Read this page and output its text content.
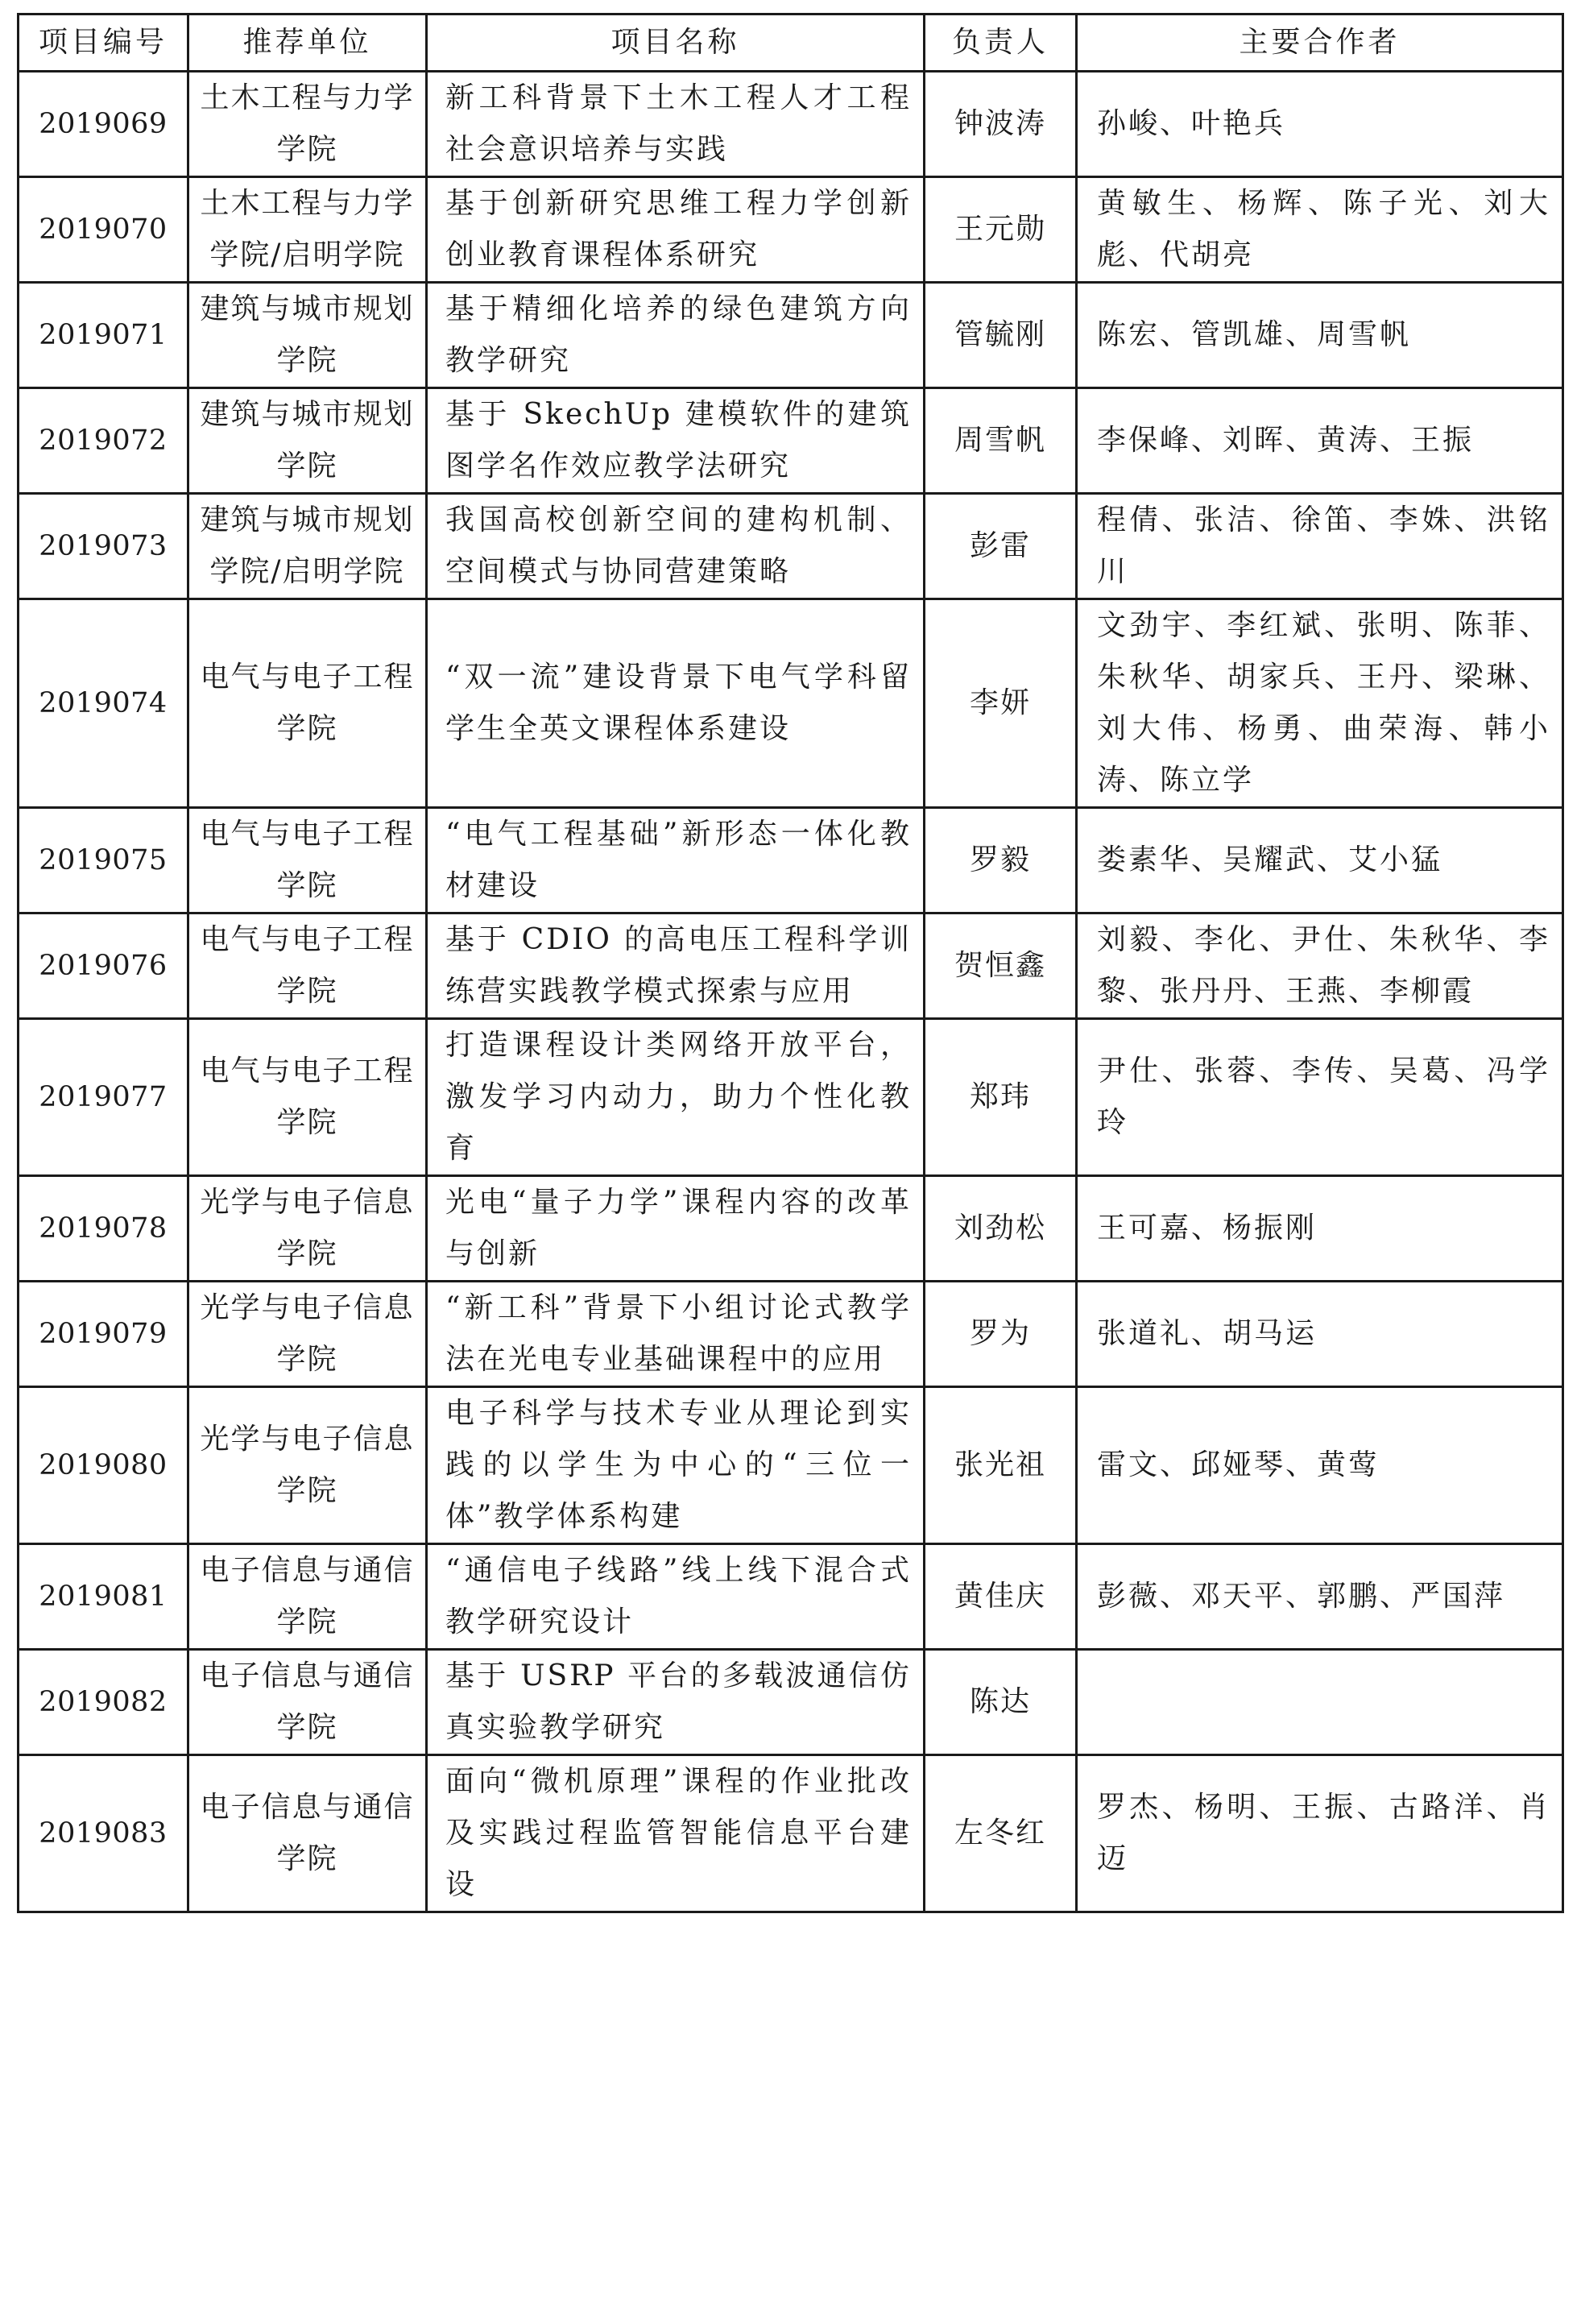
项目编号	推荐单位	项目名称	负责人	主要合作者
2019069	土木工程与力学学院	新工科背景下土木工程人才工程社会意识培养与实践	钟波涛	孙峻、叶艳兵
2019070	土木工程与力学学院/启明学院	基于创新研究思维工程力学创新创业教育课程体系研究	王元勋	黄敏生、杨辉、陈子光、刘大彪、代胡亮
2019071	建筑与城市规划学院	基于精细化培养的绿色建筑方向教学研究	管毓刚	陈宏、管凯雄、周雪帆
2019072	建筑与城市规划学院	基于 SkechUp 建模软件的建筑图学名作效应教学法研究	周雪帆	李保峰、刘晖、黄涛、王振
2019073	建筑与城市规划学院/启明学院	我国高校创新空间的建构机制、空间模式与协同营建策略	彭雷	程倩、张洁、徐笛、李姝、洪铭川
2019074	电气与电子工程学院	“双一流”建设背景下电气学科留学生全英文课程体系建设	李妍	文劲宇、李红斌、张明、陈菲、朱秋华、胡家兵、王丹、梁琳、刘大伟、杨勇、曲荣海、韩小涛、陈立学
2019075	电气与电子工程学院	“电气工程基础”新形态一体化教材建设	罗毅	娄素华、吴耀武、艾小猛
2019076	电气与电子工程学院	基于 CDIO 的高电压工程科学训练营实践教学模式探索与应用	贺恒鑫	刘毅、李化、尹仕、朱秋华、李黎、张丹丹、王燕、李柳霞
2019077	电气与电子工程学院	打造课程设计类网络开放平台，激发学习内动力，助力个性化教育	郑玮	尹仕、张蓉、李传、吴葛、冯学玲
2019078	光学与电子信息学院	光电“量子力学”课程内容的改革与创新	刘劲松	王可嘉、杨振刚
2019079	光学与电子信息学院	“新工科”背景下小组讨论式教学法在光电专业基础课程中的应用	罗为	张道礼、胡马运
2019080	光学与电子信息学院	电子科学与技术专业从理论到实践的以学生为中心的“三位一体”教学体系构建	张光祖	雷文、邱娅琴、黄莺
2019081	电子信息与通信学院	“通信电子线路”线上线下混合式教学研究设计	黄佳庆	彭薇、邓天平、郭鹏、严国萍
2019082	电子信息与通信学院	基于 USRP 平台的多载波通信仿真实验教学研究	陈达	
2019083	电子信息与通信学院	面向“微机原理”课程的作业批改及实践过程监管智能信息平台建设	左冬红	罗杰、杨明、王振、古路洋、肖迈
